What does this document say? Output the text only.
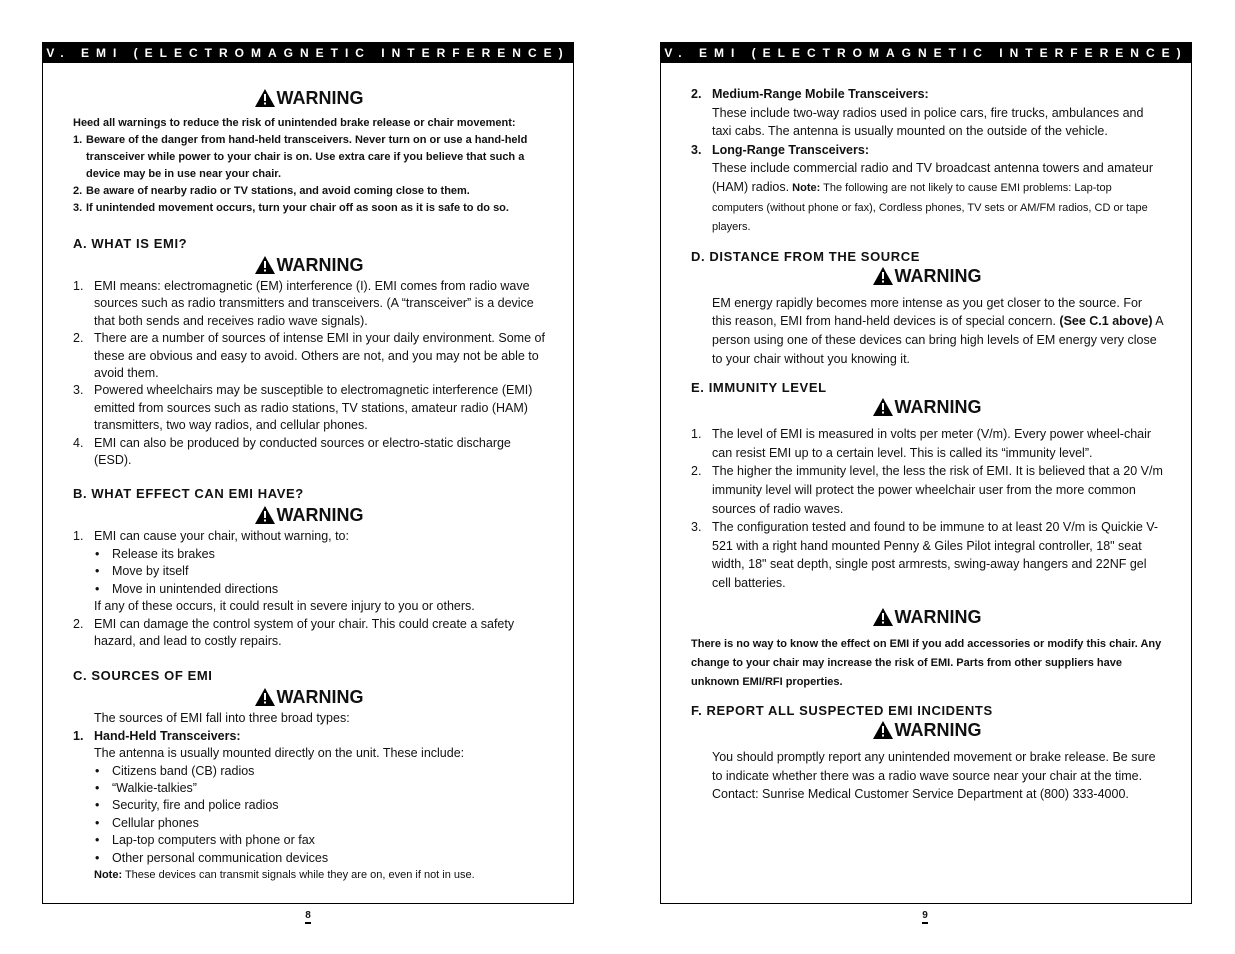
V. EMI (ELECTROMAGNETIC INTERFERENCE)
WARNING

Heed all warnings to reduce the risk of unintended brake release or chair movement:

1. Beware of the danger from hand-held transceivers. Never turn on or use a hand-held transceiver while power to your chair is on. Use extra care if you believe that such a device may be in use near your chair.
2. Be aware of nearby radio or TV stations, and avoid coming close to them.
3. If unintended movement occurs, turn your chair off as soon as it is safe to do so.

A. WHAT IS EMI?

WARNING
1. EMI means: electromagnetic (EM) interference (I). EMI comes from radio wave sources such as radio transmitters and transceivers. (A “transceiver” is a device that both sends and receives radio wave signals).
2. There are a number of sources of intense EMI in your daily environment. Some of these are obvious and easy to avoid. Others are not, and you may not be able to avoid them.
3. Powered wheelchairs may be susceptible to electromagnetic interference (EMI) emitted from sources such as radio stations, TV stations, amateur radio (HAM) transmitters, two way radios, and cellular phones.
4. EMI can also be produced by conducted sources or electro-static discharge (ESD).

B. WHAT EFFECT CAN EMI HAVE?

WARNING
1. EMI can cause your chair, without warning, to:
• Release its brakes
• Move by itself
• Move in unintended directions
If any of these occurs, it could result in severe injury to you or others.
2. EMI can damage the control system of your chair. This could create a safety hazard, and lead to costly repairs.

C. SOURCES OF EMI

WARNING
The sources of EMI fall into three broad types:
1. Hand-Held Transceivers:
The antenna is usually mounted directly on the unit. These include:
• Citizens band (CB) radios
• “Walkie-talkies”
• Security, fire and police radios
• Cellular phones
• Lap-top computers with phone or fax
• Other personal communication devices
Note: These devices can transmit signals while they are on, even if not in use.
8
V. EMI (ELECTROMAGNETIC INTERFERENCE)
2. Medium-Range Mobile Transceivers:
These include two-way radios used in police cars, fire trucks, ambulances and taxi cabs. The antenna is usually mounted on the outside of the vehicle.
3. Long-Range Transceivers:
These include commercial radio and TV broadcast antenna towers and amateur (HAM) radios. Note: The following are not likely to cause EMI problems: Lap-top computers (without phone or fax), Cordless phones, TV sets or AM/FM radios, CD or tape players.

D. DISTANCE FROM THE SOURCE

WARNING
EM energy rapidly becomes more intense as you get closer to the source. For this reason, EMI from hand-held devices is of special concern. (See C.1 above) A person using one of these devices can bring high levels of EM energy very close to your chair without you knowing it.

E. IMMUNITY LEVEL

WARNING
1. The level of EMI is measured in volts per meter (V/m). Every power wheel-chair can resist EMI up to a certain level. This is called its “immunity level”.
2. The higher the immunity level, the less the risk of EMI. It is believed that a 20 V/m immunity level will protect the power wheelchair user from the more common sources of radio waves.
3. The configuration tested and found to be immune to at least 20 V/m is Quickie V-521 with a right hand mounted Penny & Giles Pilot integral controller, 18" seat width, 18" seat depth, single post armrests, swing-away hangers and 22NF gel cell batteries.
WARNING

There is no way to know the effect on EMI if you add accessories or modify this chair. Any change to your chair may increase the risk of EMI. Parts from other suppliers have unknown EMI/RFI properties.

F. REPORT ALL SUSPECTED EMI INCIDENTS

WARNING
You should promptly report any unintended movement or brake release. Be sure to indicate whether there was a radio wave source near your chair at the time.
Contact: Sunrise Medical Customer Service Department at (800) 333-4000.
9
